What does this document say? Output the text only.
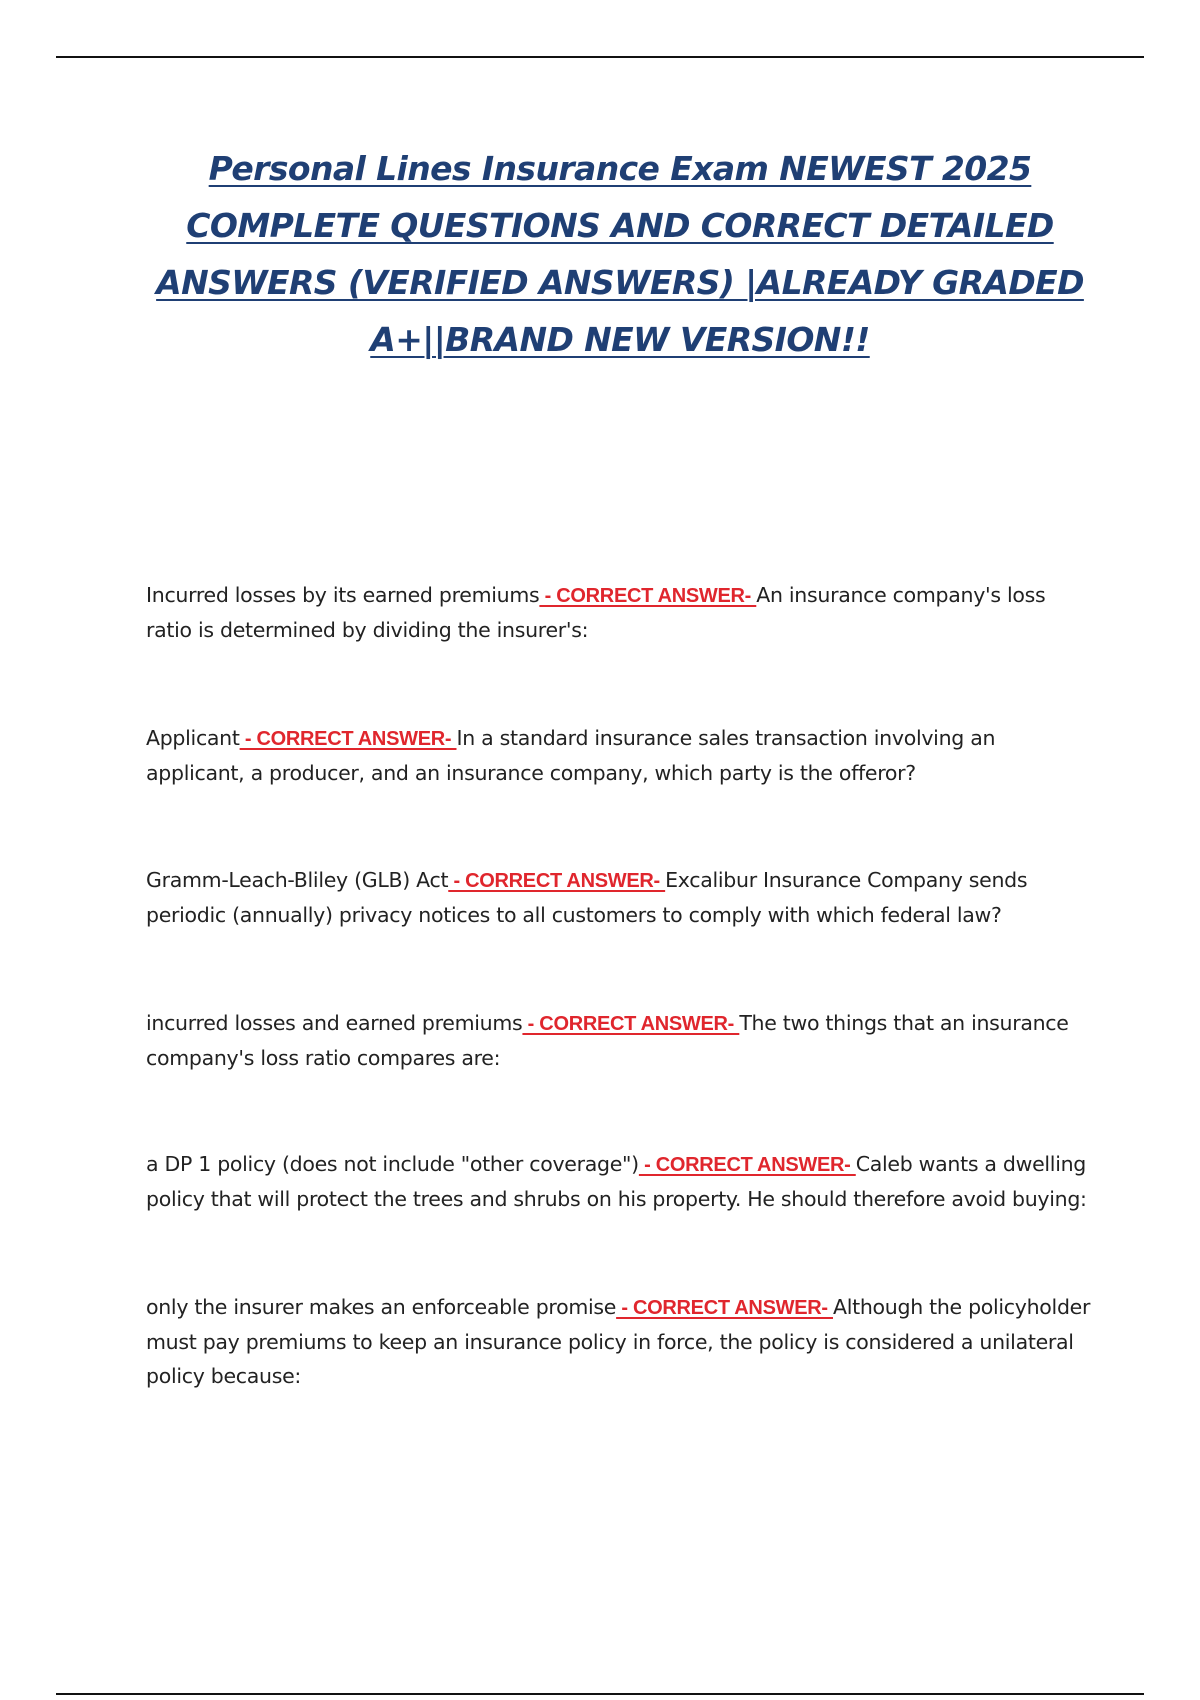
Personal Lines Insurance Exam NEWEST 2025 COMPLETE QUESTIONS AND CORRECT DETAILED ANSWERS (VERIFIED ANSWERS) |ALREADY GRADED A+||BRAND NEW VERSION!!

Incurred losses by its earned premiums - CORRECT ANSWER- An insurance company's loss ratio is determined by dividing the insurer's:

Applicant - CORRECT ANSWER- In a standard insurance sales transaction involving an applicant, a producer, and an insurance company, which party is the offeror?

Gramm-Leach-Bliley (GLB) Act - CORRECT ANSWER- Excalibur Insurance Company sends periodic (annually) privacy notices to all customers to comply with which federal law?

incurred losses and earned premiums - CORRECT ANSWER- The two things that an insurance company's loss ratio compares are:

a DP 1 policy (does not include "other coverage") - CORRECT ANSWER- Caleb wants a dwelling policy that will protect the trees and shrubs on his property. He should therefore avoid buying:

only the insurer makes an enforceable promise - CORRECT ANSWER- Although the policyholder must pay premiums to keep an insurance policy in force, the policy is considered a unilateral policy because:
